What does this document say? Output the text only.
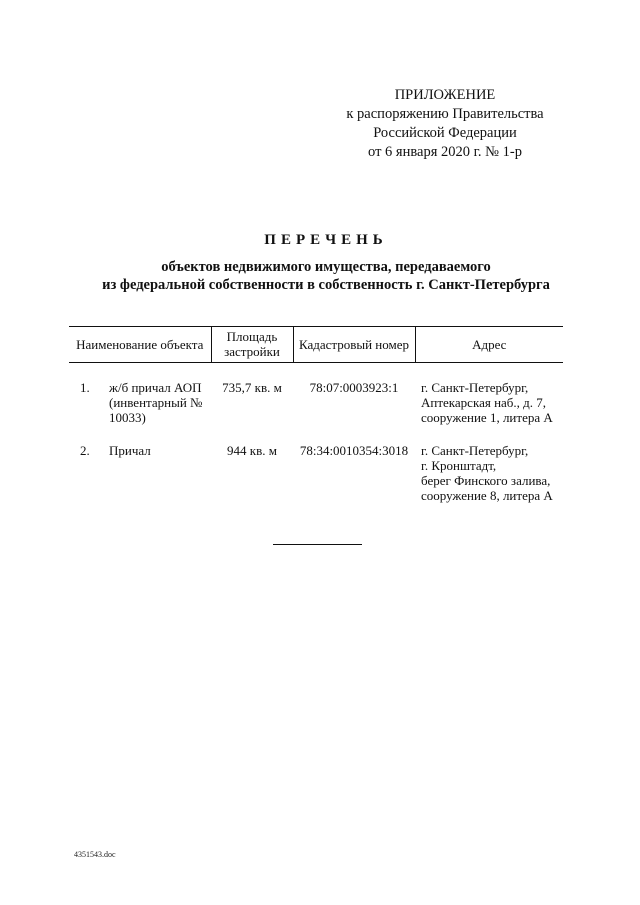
ПРИЛОЖЕНИЕ
к распоряжению Правительства
Российской Федерации
от 6 января 2020 г. № 1-р
ПЕРЕЧЕНЬ
объектов недвижимого имущества, передаваемого
из федеральной собственности в собственность г. Санкт-Петербурга
Наименование объекта		Площадь застройки	Кадастровый номер	Адрес

1.	ж/б причал АОП (инвентарный № 10033)	735,7 кв. м	78:07:0003923:1	г. Санкт-Петербург,
Аптекарская наб., д. 7,
сооружение 1, литера А

2.	Причал	944 кв. м	78:34:0010354:3018	г. Санкт-Петербург,
г. Кронштадт,
берег Финского залива,
сооружение 8, литера А
4351543.doc
